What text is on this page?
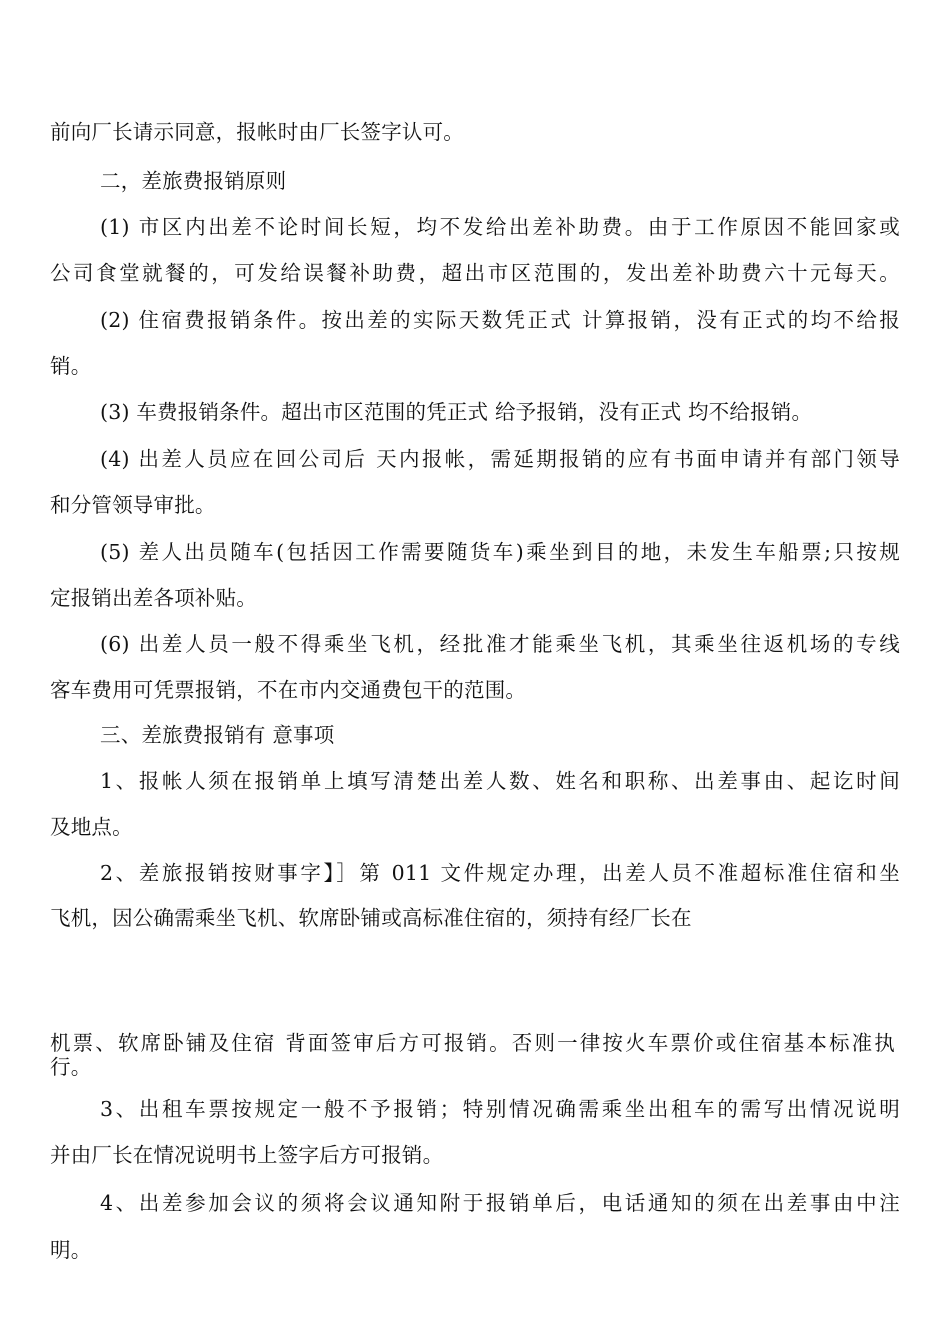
前向厂长请示同意，报帐时由厂长签字认可。
二，差旅费报销原则
(1) 市区内出差不论时间长短，均不发给出差补助费。由于工作原因不能回家或
公司食堂就餐的，可发给误餐补助费，超出市区范围的，发出差补助费六十元每天。
(2) 住宿费报销条件。按出差的实际天数凭正式 计算报销，没有正式的均不给报
销。
(3) 车费报销条件。超出市区范围的凭正式 给予报销，没有正式 均不给报销。
(4) 出差人员应在回公司后 天内报帐，需延期报销的应有书面申请并有部门领导
和分管领导审批。
(5) 差人出员随车(包括因工作需要随货车)乘坐到目的地，未发生车船票;只按规
定报销出差各项补贴。
(6) 出差人员一般不得乘坐飞机，经批准才能乘坐飞机，其乘坐往返机场的专线
客车费用可凭票报销，不在市内交通费包干的范围。
三、差旅费报销有 意事项
1、报帐人须在报销单上填写清楚出差人数、姓名和职称、出差事由、起讫时间
及地点。
2、差旅报销按财事字】］第 011 文件规定办理，出差人员不准超标准住宿和坐
飞机，因公确需乘坐飞机、软席卧铺或高标准住宿的，须持有经厂长在
机票、软席卧铺及住宿 背面签审后方可报销。否则一律按火车票价或住宿基本标准执
行。
3、出租车票按规定一般不予报销；特别情况确需乘坐出租车的需写出情况说明
并由厂长在情况说明书上签字后方可报销。
4、出差参加会议的须将会议通知附于报销单后，电话通知的须在出差事由中注
明。
